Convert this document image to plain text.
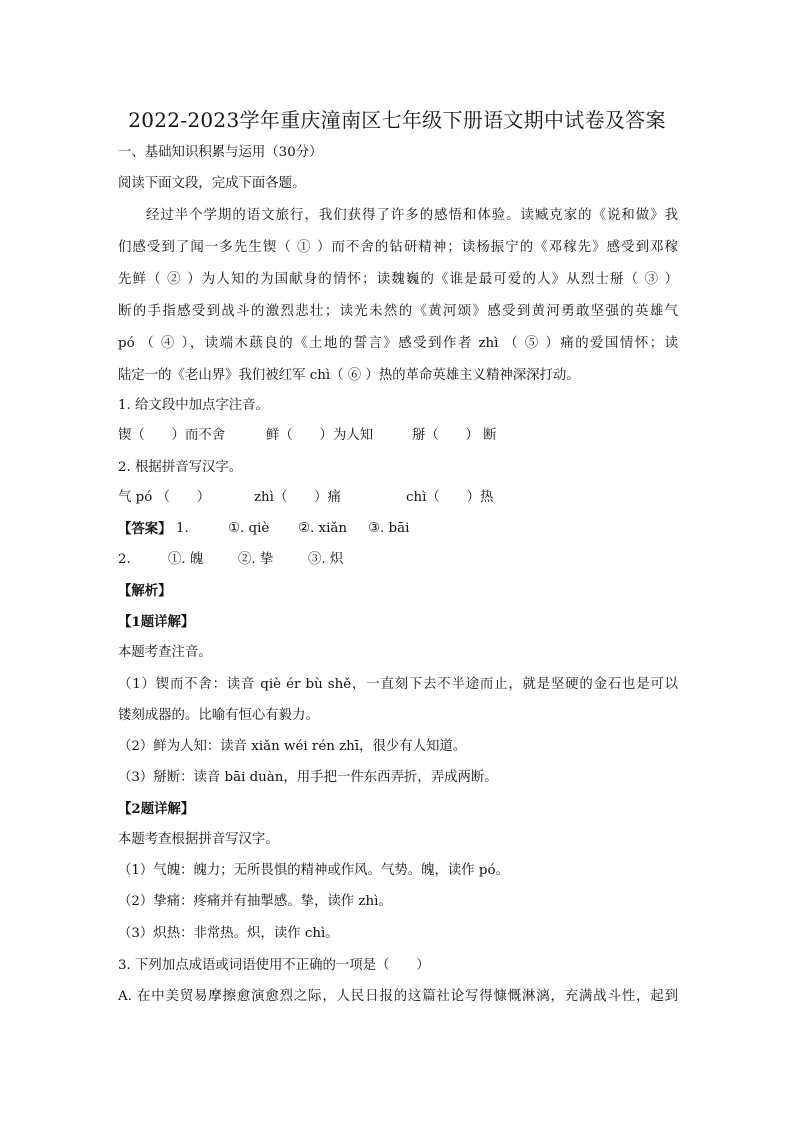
2022-2023学年重庆潼南区七年级下册语文期中试卷及答案
一、基础知识积累与运用（30分）
阅读下面文段，完成下面各题。
经过半个学期的语文旅行，我们获得了许多的感悟和体验。读臧克家的《说和做》我
们感受到了闻一多先生锲（ ① ）而不舍的钻研精神；读杨振宁的《邓稼先》感受到邓稼
先鲜（ ② ）为人知的为国献身的情怀；读魏巍的《谁是最可爱的人》从烈士掰（ ③ ）
断的手指感受到战斗的激烈悲壮；读光未然的《黄河颂》感受到黄河勇敢坚强的英雄气
pó （ ④ ），读端木蕻良的《土地的誓言》感受到作者 zhì （ ⑤ ）痛的爱国情怀；读
陆定一的《老山界》我们被红军 chì（ ⑥ ）热的革命英雄主义精神深深打动。
1. 给文段中加点字注音。
锲（　　）而不舍	鲜（　　）为人知	掰（　　） 断
2. 根据拼音写汉字。
气 pó （　　）	zhì（　　）痛	chì（　　）热
【答案】 1.	①. qiè ②. xiǎn ③. bāi
2.	①. 魄	②. 挚	③. 炽
【解析】
【1题详解】
本题考查注音。
（1）锲而不舍：读音 qiè ér bù shě，一直刻下去不半途而止，就是坚硬的金石也是可以
镂刻成器的。比喻有恒心有毅力。
（2）鲜为人知：读音 xiǎn wéi rén zhī，很少有人知道。
（3）掰断：读音 bāi duàn，用手把一件东西弄折，弄成两断。
【2题详解】
本题考查根据拼音写汉字。
（1）气魄：魄力；无所畏惧的精神或作风。气势。魄，读作 pó。
（2）挚痛：疼痛并有抽掣感。挚，读作 zhì。
（3）炽热：非常热。炽，读作 chì。
3. 下列加点成语或词语使用不正确的一项是（　　）
A. 在中美贸易摩擦愈演愈烈之际，人民日报的这篇社论写得慷慨淋漓，充满战斗性，起到
